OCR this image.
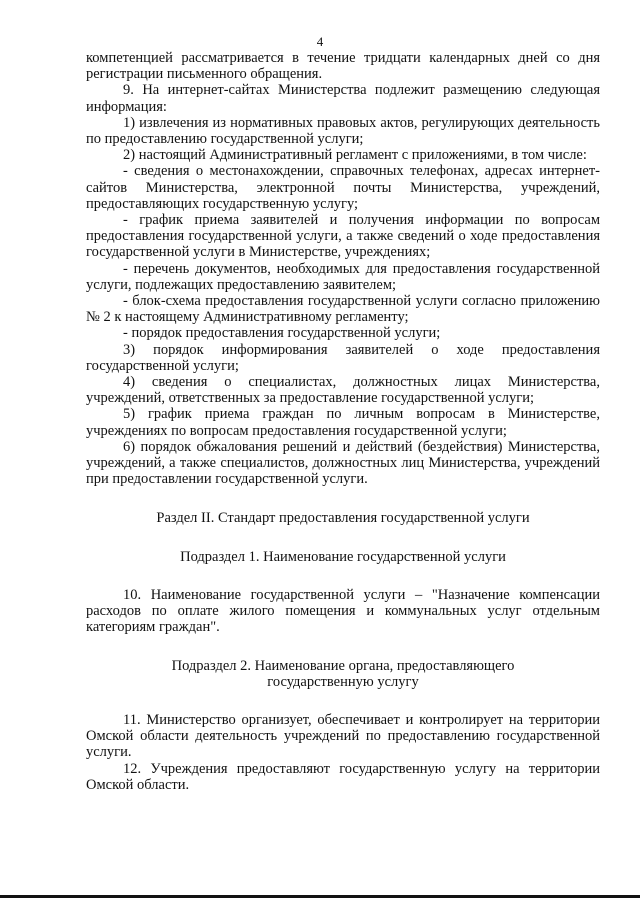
4

компетенцией рассматривается в течение тридцати календарных дней со дня регистрации письменного обращения.

9. На интернет-сайтах Министерства подлежит размещению следующая информация:

1) извлечения из нормативных правовых актов, регулирующих деятельность по предоставлению государственной услуги;

2) настоящий Административный регламент с приложениями, в том числе:

- сведения о местонахождении, справочных телефонах, адресах интернет-сайтов Министерства, электронной почты Министерства, учреждений, предоставляющих государственную услугу;

- график приема заявителей и получения информации по вопросам предоставления государственной услуги, а также сведений о ходе предоставления государственной услуги в Министерстве, учреждениях;

- перечень документов, необходимых для предоставления государственной услуги, подлежащих предоставлению заявителем;

- блок-схема предоставления государственной услуги согласно приложению № 2 к настоящему Административному регламенту;

- порядок предоставления государственной услуги;

3) порядок информирования заявителей о ходе предоставления государственной услуги;

4) сведения о специалистах, должностных лицах Министерства, учреждений, ответственных за предоставление государственной услуги;

5) график приема граждан по личным вопросам в Министерстве, учреждениях по вопросам предоставления государственной услуги;

6) порядок обжалования решений и действий (бездействия) Министерства, учреждений, а также специалистов, должностных лиц Министерства, учреждений при предоставлении государственной услуги.

Раздел II. Стандарт предоставления государственной услуги

Подраздел 1. Наименование государственной услуги

10. Наименование государственной услуги – "Назначение компенсации расходов по оплате жилого помещения и коммунальных услуг отдельным категориям граждан".

Подраздел 2. Наименование органа, предоставляющего

государственную услугу

11. Министерство организует, обеспечивает и контролирует на территории Омской области деятельность учреждений по предоставлению государственной услуги.

12. Учреждения предоставляют государственную услугу на территории Омской области.
